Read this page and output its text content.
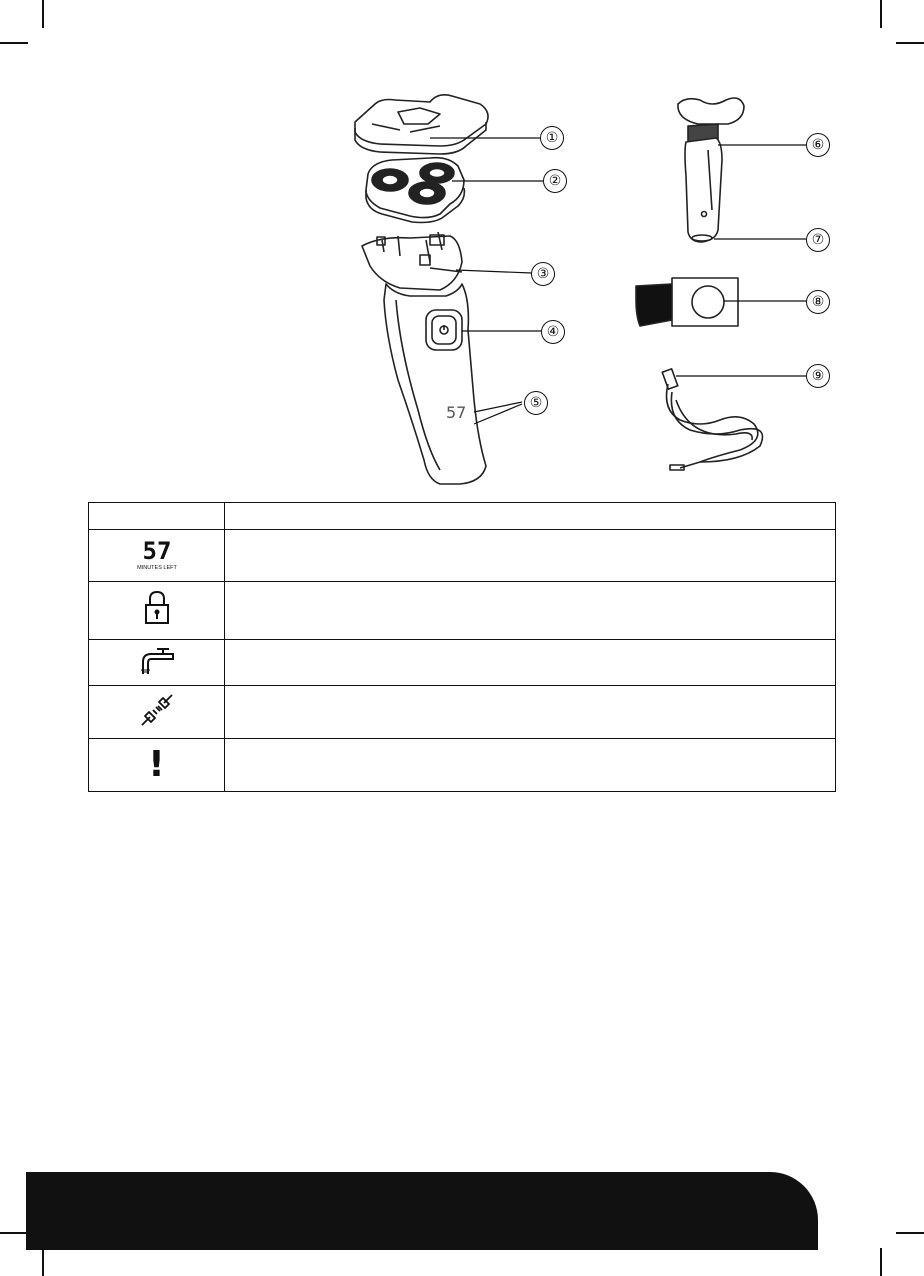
57
①
②
③
④
⑤
⑥
⑦
⑧
⑨

57
MINUTES LEFT	

!	
